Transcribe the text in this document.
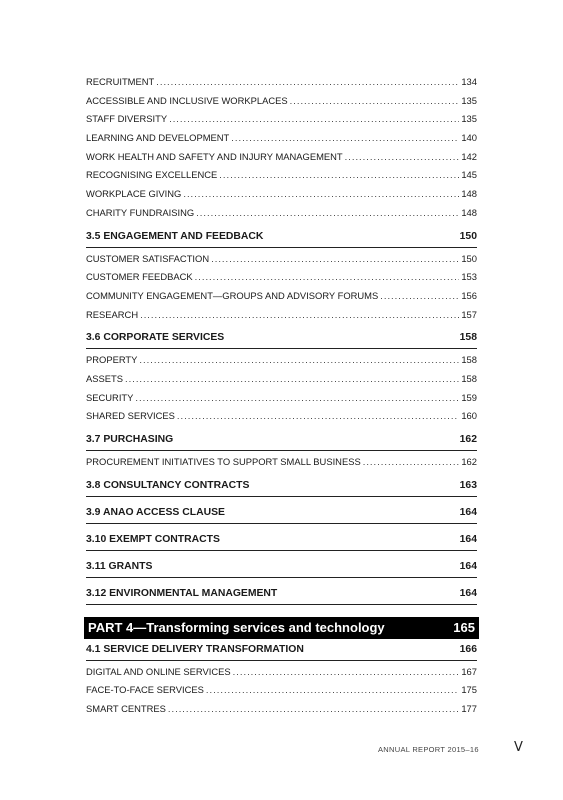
RECRUITMENT .....	134
ACCESSIBLE AND INCLUSIVE WORKPLACES .....	135
STAFF DIVERSITY .....	135
LEARNING AND DEVELOPMENT .....	140
WORK HEALTH AND SAFETY AND INJURY MANAGEMENT .....	142
RECOGNISING EXCELLENCE .....	145
WORKPLACE GIVING .....	148
CHARITY FUNDRAISING .....	148
3.5 ENGAGEMENT AND FEEDBACK	150
CUSTOMER SATISFACTION .....	150
CUSTOMER FEEDBACK .....	153
COMMUNITY ENGAGEMENT—GROUPS AND ADVISORY FORUMS .....	156
RESEARCH .....	157
3.6 CORPORATE SERVICES	158
PROPERTY .....	158
ASSETS .....	158
SECURITY .....	159
SHARED SERVICES .....	160
3.7 PURCHASING	162
PROCUREMENT INITIATIVES TO SUPPORT SMALL BUSINESS .....	162
3.8 CONSULTANCY CONTRACTS	163
3.9 ANAO ACCESS CLAUSE	164
3.10 EXEMPT CONTRACTS	164
3.11 GRANTS	164
3.12 ENVIRONMENTAL MANAGEMENT	164
PART 4—Transforming services and technology	165
4.1 SERVICE DELIVERY TRANSFORMATION	166
DIGITAL AND ONLINE SERVICES .....	167
FACE-TO-FACE SERVICES .....	175
SMART CENTRES .....	177
ANNUAL REPORT 2015–16	V
